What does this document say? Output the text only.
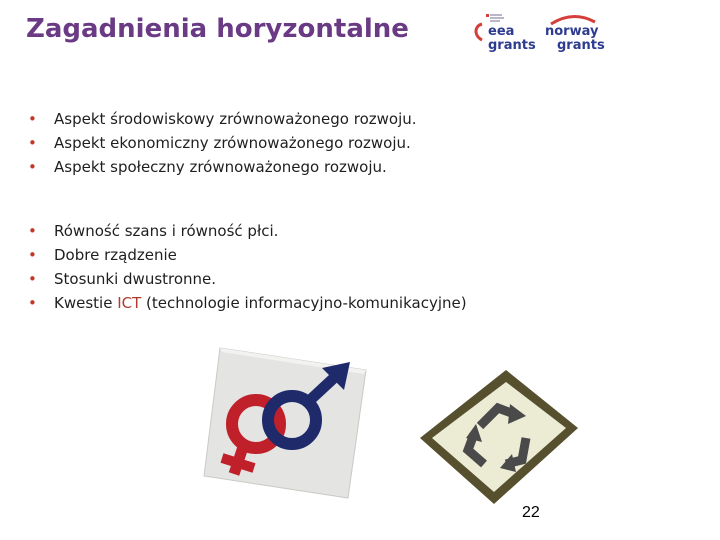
Zagadnienia horyzontalne	eea
grants
norway
grants
• Aspekt środowiskowy zrównoważonego rozwoju.
• Aspekt ekonomiczny zrównoważonego rozwoju.
• Aspekt społeczny zrównoważonego rozwoju.
• Równość szans i równość płci.
• Dobre rządzenie
• Stosunki dwustronne.
• Kwestie ICT (technologie informacyjno-komunikacyjne)
22
